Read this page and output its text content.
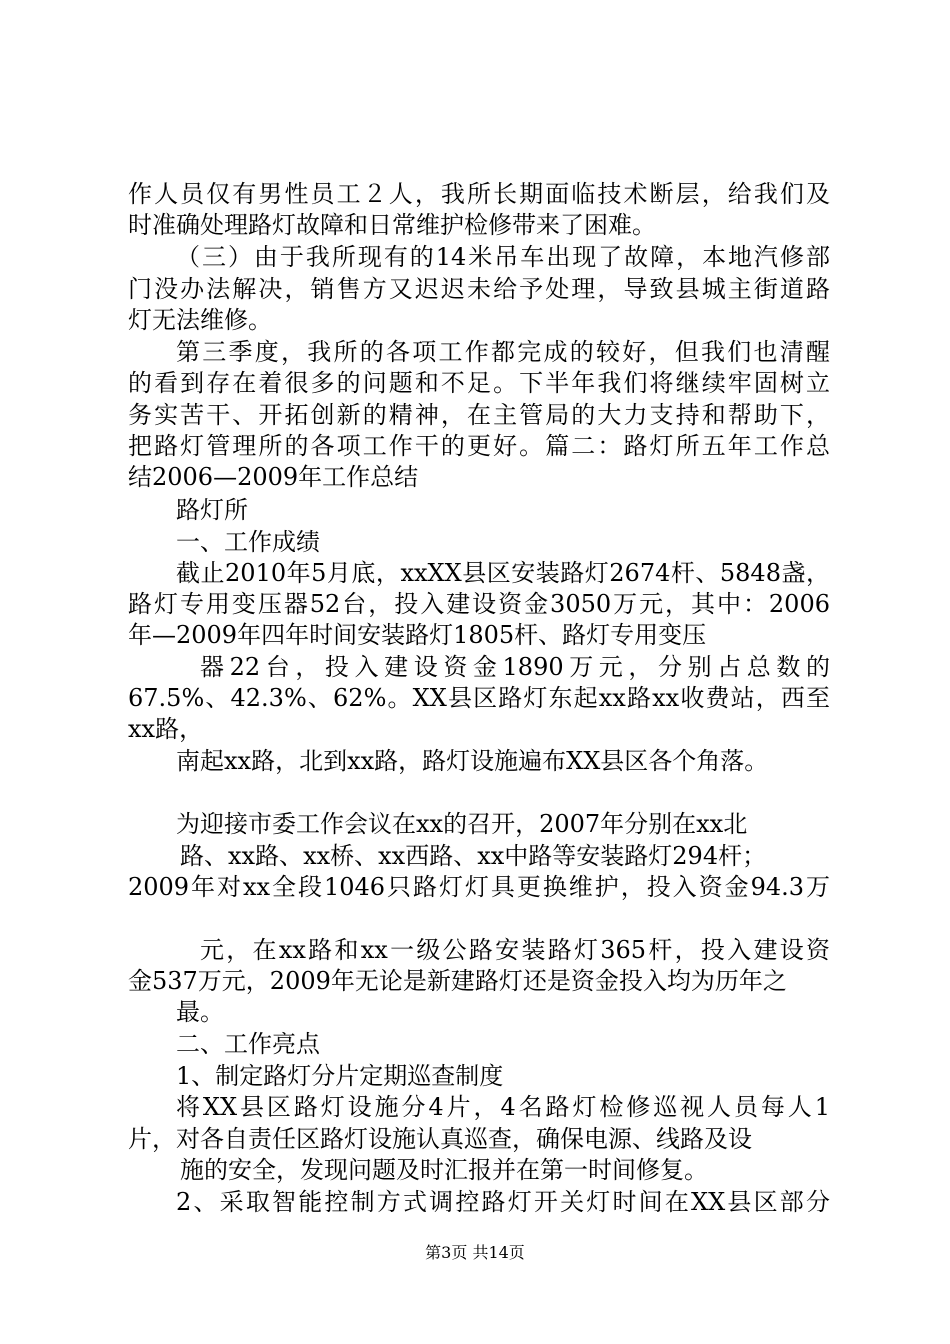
作人员仅有男性员工２人，我所长期面临技术断层，给我们及

时准确处理路灯故障和日常维护检修带来了困难。

（三）由于我所现有的14米吊车出现了故障，本地汽修部

门没办法解决，销售方又迟迟未给予处理，导致县城主街道路

灯无法维修。

第三季度，我所的各项工作都完成的较好，但我们也清醒

的看到存在着很多的问题和不足。下半年我们将继续牢固树立

务实苦干、开拓创新的精神，在主管局的大力支持和帮助下，

把路灯管理所的各项工作干的更好。篇二：路灯所五年工作总

结2006—2009年工作总结

路灯所

一、工作成绩

截止2010年5月底，xxXX县区安装路灯2674杆、5848盏，

路灯专用变压器52台，投入建设资金3050万元，其中：2006

年—2009年四年时间安装路灯1805杆、路灯专用变压

器22台，投入建设资金1890万元，分别占总数的

67.5%、42.3%、62%。XX县区路灯东起xx路xx收费站，西至

xx路，

南起xx路，北到xx路，路灯设施遍布XX县区各个角落。

为迎接市委工作会议在xx的召开，2007年分别在xx北

路、xx路、xx桥、xx西路、xx中路等安装路灯294杆；

2009年对xx全段1046只路灯灯具更换维护，投入资金94.3万

元，在xx路和xx一级公路安装路灯365杆，投入建设资

金537万元，2009年无论是新建路灯还是资金投入均为历年之

最。

二、工作亮点

1、制定路灯分片定期巡查制度

将XX县区路灯设施分4片，4名路灯检修巡视人员每人1

片，对各自责任区路灯设施认真巡查，确保电源、线路及设

施的安全，发现问题及时汇报并在第一时间修复。

2、采取智能控制方式调控路灯开关灯时间在XX县区部分

第3页 共14页
